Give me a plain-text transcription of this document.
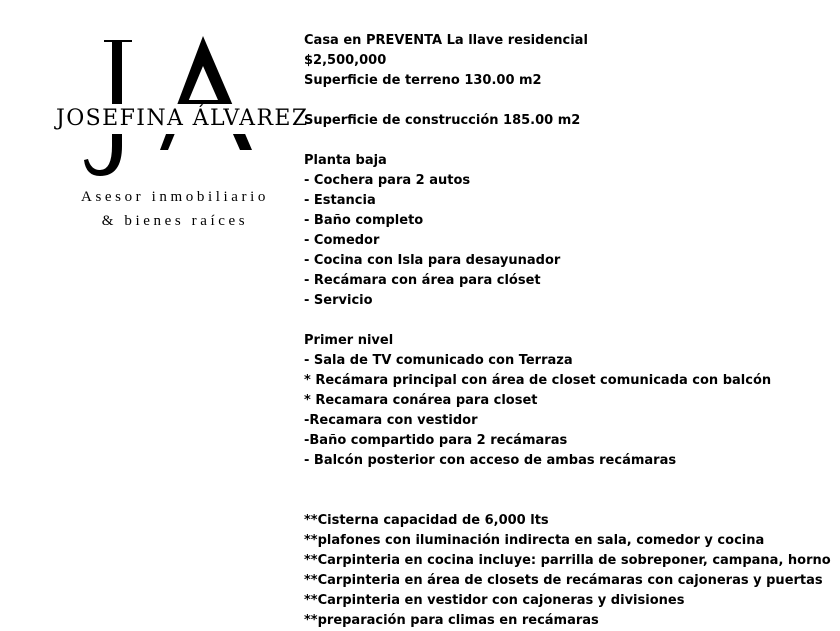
JOSEFINA ÁLVAREZ
Asesor inmobiliario
& bienes raíces
Casa en PREVENTA La llave residencial
$2,500,000
Superficie de terreno 130.00 m2
Superficie de construcción 185.00 m2
Planta baja
- Cochera para 2 autos
- Estancia
- Baño completo
- Comedor
- Cocina con Isla para desayunador
- Recámara con área para clóset
- Servicio
Primer nivel
- Sala de TV comunicado con Terraza
* Recámara principal con área de closet comunicada con balcón
* Recamara conárea para closet
-Recamara con vestidor
-Baño compartido para 2 recámaras
- Balcón posterior con acceso de ambas recámaras
**Cisterna capacidad de 6,000 lts
**plafones con iluminación indirecta en sala, comedor y cocina
**Carpinteria en cocina incluye: parrilla de sobreponer, campana, horno
**Carpinteria en área de closets de recámaras con cajoneras y puertas
**Carpinteria en vestidor con cajoneras y divisiones
**preparación para climas en recámaras
